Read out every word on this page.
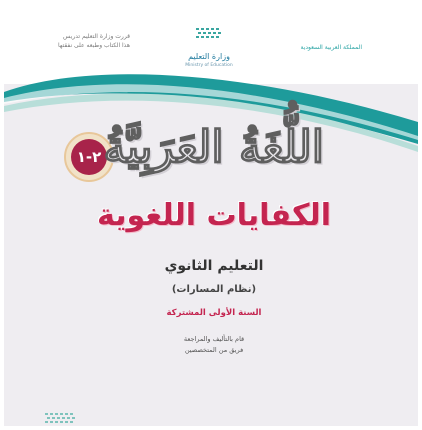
قررت وزارة التعليم تدريس
هذا الكتاب وطبعه على نفقتها
وزارة التعليم
Ministry of Education
المملكة العربية السعودية
٢-١ اللُّغَةُ العَرَبِيَّةُ
الكفايات اللغوية
التعليم الثانوي
(نظام المسارات)
السنة الأولى المشتركة
قام بالتأليف والمراجعة
فريق من المتخصصين
